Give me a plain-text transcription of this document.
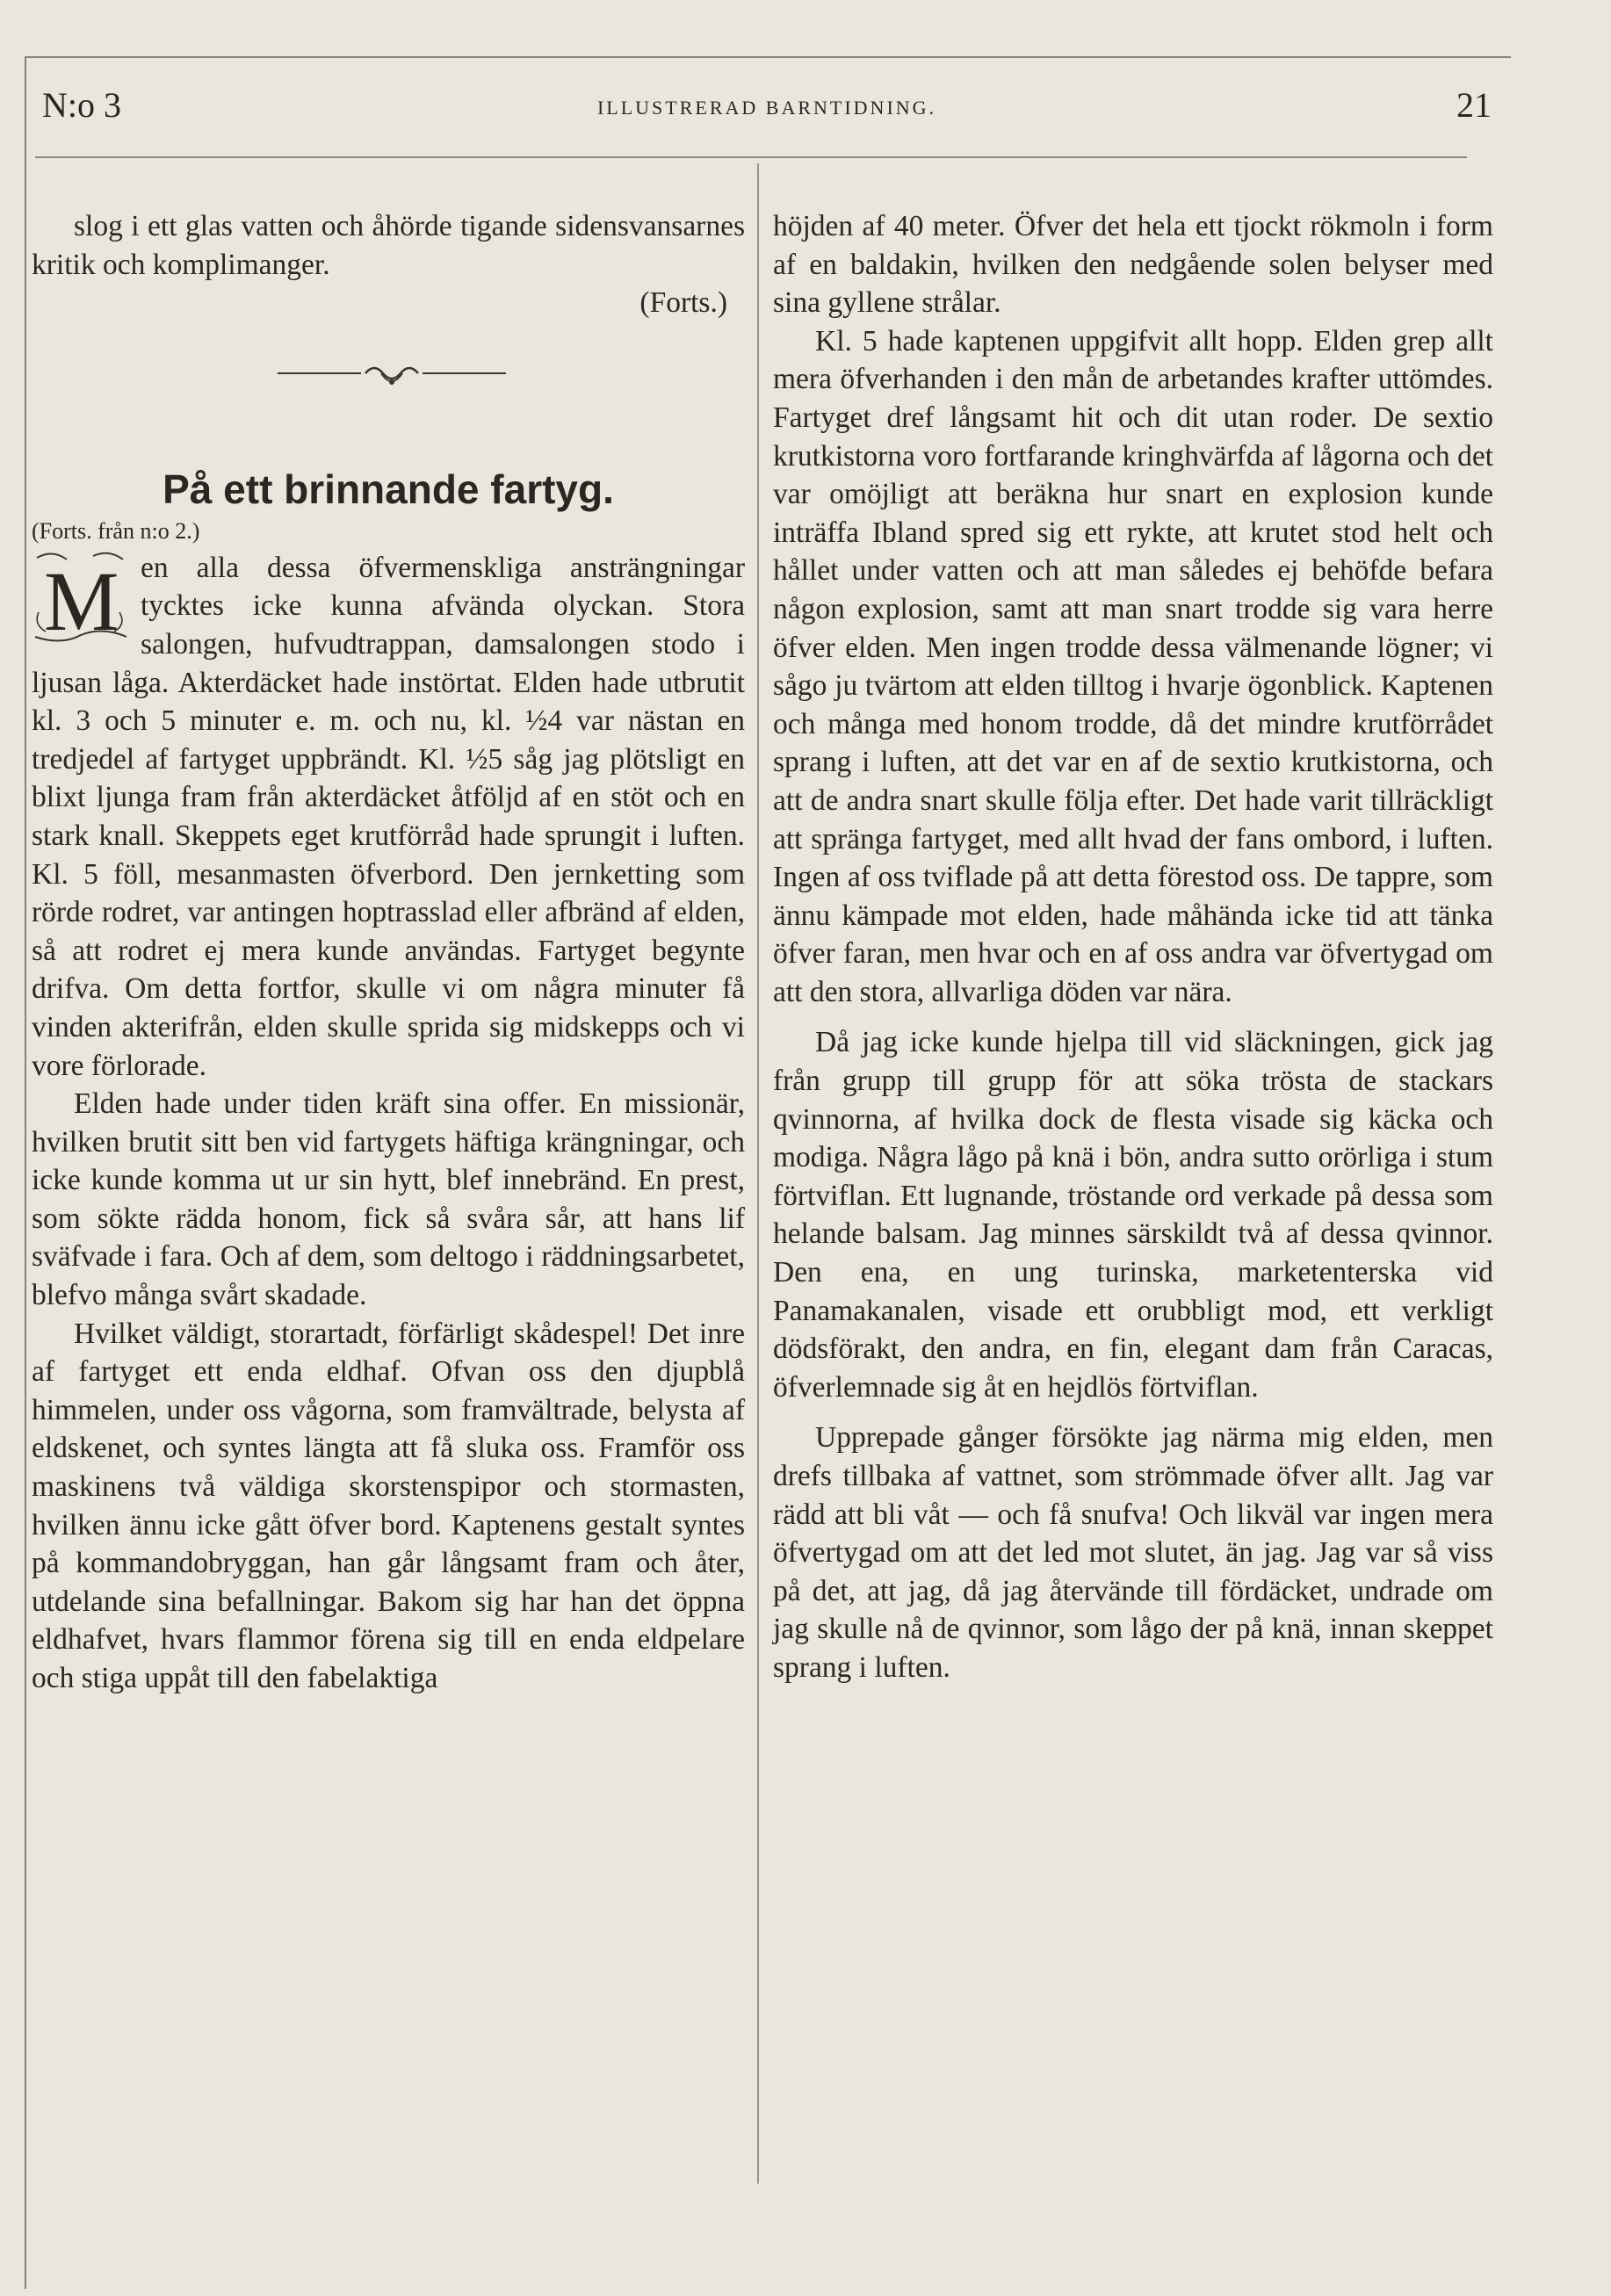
N:o 3	ILLUSTRERAD BARNTIDNING.	21

slog i ett glas vatten och åhörde tigande sidensvansarnes kritik och komplimanger.

(Forts.)

På ett brinnande fartyg.

(Forts. från n:o 2.)

M en alla dessa öfvermenskliga ansträngningar tycktes icke kunna afvända olyckan. Stora salongen, hufvudtrappan, damsalongen stodo i ljusan låga. Akterdäcket hade instörtat. Elden hade utbrutit kl. 3 och 5 minuter e. m. och nu, kl. ½4 var nästan en tredjedel af fartyget uppbrändt. Kl. ½5 såg jag plötsligt en blixt ljunga fram från akterdäcket åtföljd af en stöt och en stark knall. Skeppets eget krutförråd hade sprungit i luften. Kl. 5 föll, mesanmasten öfverbord. Den jernketting som rörde rodret, var antingen hoptrasslad eller afbränd af elden, så att rodret ej mera kunde användas. Fartyget begynte drifva. Om detta fortfor, skulle vi om några minuter få vinden akterifrån, elden skulle sprida sig midskepps och vi vore förlorade.

Elden hade under tiden kräft sina offer. En missionär, hvilken brutit sitt ben vid fartygets häftiga krängningar, och icke kunde komma ut ur sin hytt, blef innebränd. En prest, som sökte rädda honom, fick så svåra sår, att hans lif sväfvade i fara. Och af dem, som deltogo i räddningsarbetet, blefvo många svårt skadade.

Hvilket väldigt, storartadt, förfärligt skådespel! Det inre af fartyget ett enda eldhaf. Ofvan oss den djupblå himmelen, under oss vågorna, som framvältrade, belysta af eldskenet, och syntes längta att få sluka oss. Framför oss maskinens två väldiga skorstenspipor och stormasten, hvilken ännu icke gått öfver bord. Kaptenens gestalt syntes på kommandobryggan, han går långsamt fram och åter, utdelande sina befallningar. Bakom sig har han det öppna eldhafvet, hvars flammor förena sig till en enda eldpelare och stiga uppåt till den fabelaktiga

höjden af 40 meter. Öfver det hela ett tjockt rökmoln i form af en baldakin, hvilken den nedgående solen belyser med sina gyllene strålar.

Kl. 5 hade kaptenen uppgifvit allt hopp. Elden grep allt mera öfverhanden i den mån de arbetandes krafter uttömdes. Fartyget dref långsamt hit och dit utan roder. De sextio krutkistorna voro fortfarande kringhvärfda af lågorna och det var omöjligt att beräkna hur snart en explosion kunde inträffa Ibland spred sig ett rykte, att krutet stod helt och hållet under vatten och att man således ej behöfde befara någon explosion, samt att man snart trodde sig vara herre öfver elden. Men ingen trodde dessa välmenande lögner; vi sågo ju tvärtom att elden tilltog i hvarje ögonblick. Kaptenen och många med honom trodde, då det mindre krutförrådet sprang i luften, att det var en af de sextio krutkistorna, och att de andra snart skulle följa efter. Det hade varit tillräckligt att spränga fartyget, med allt hvad der fans ombord, i luften. Ingen af oss tviflade på att detta förestod oss. De tappre, som ännu kämpade mot elden, hade måhända icke tid att tänka öfver faran, men hvar och en af oss andra var öfvertygad om att den stora, allvarliga döden var nära.

Då jag icke kunde hjelpa till vid släckningen, gick jag från grupp till grupp för att söka trösta de stackars qvinnorna, af hvilka dock de flesta visade sig käcka och modiga. Några lågo på knä i bön, andra sutto orörliga i stum förtviflan. Ett lugnande, tröstande ord verkade på dessa som helande balsam. Jag minnes särskildt två af dessa qvinnor. Den ena, en ung turinska, marketenterska vid Panamakanalen, visade ett orubbligt mod, ett verkligt dödsförakt, den andra, en fin, elegant dam från Caracas, öfverlemnade sig åt en hejdlös förtviflan.

Upprepade gånger försökte jag närma mig elden, men drefs tillbaka af vattnet, som strömmade öfver allt. Jag var rädd att bli våt — och få snufva! Och likväl var ingen mera öfvertygad om att det led mot slutet, än jag. Jag var så viss på det, att jag, då jag återvände till fördäcket, undrade om jag skulle nå de qvinnor, som lågo der på knä, innan skeppet sprang i luften.
